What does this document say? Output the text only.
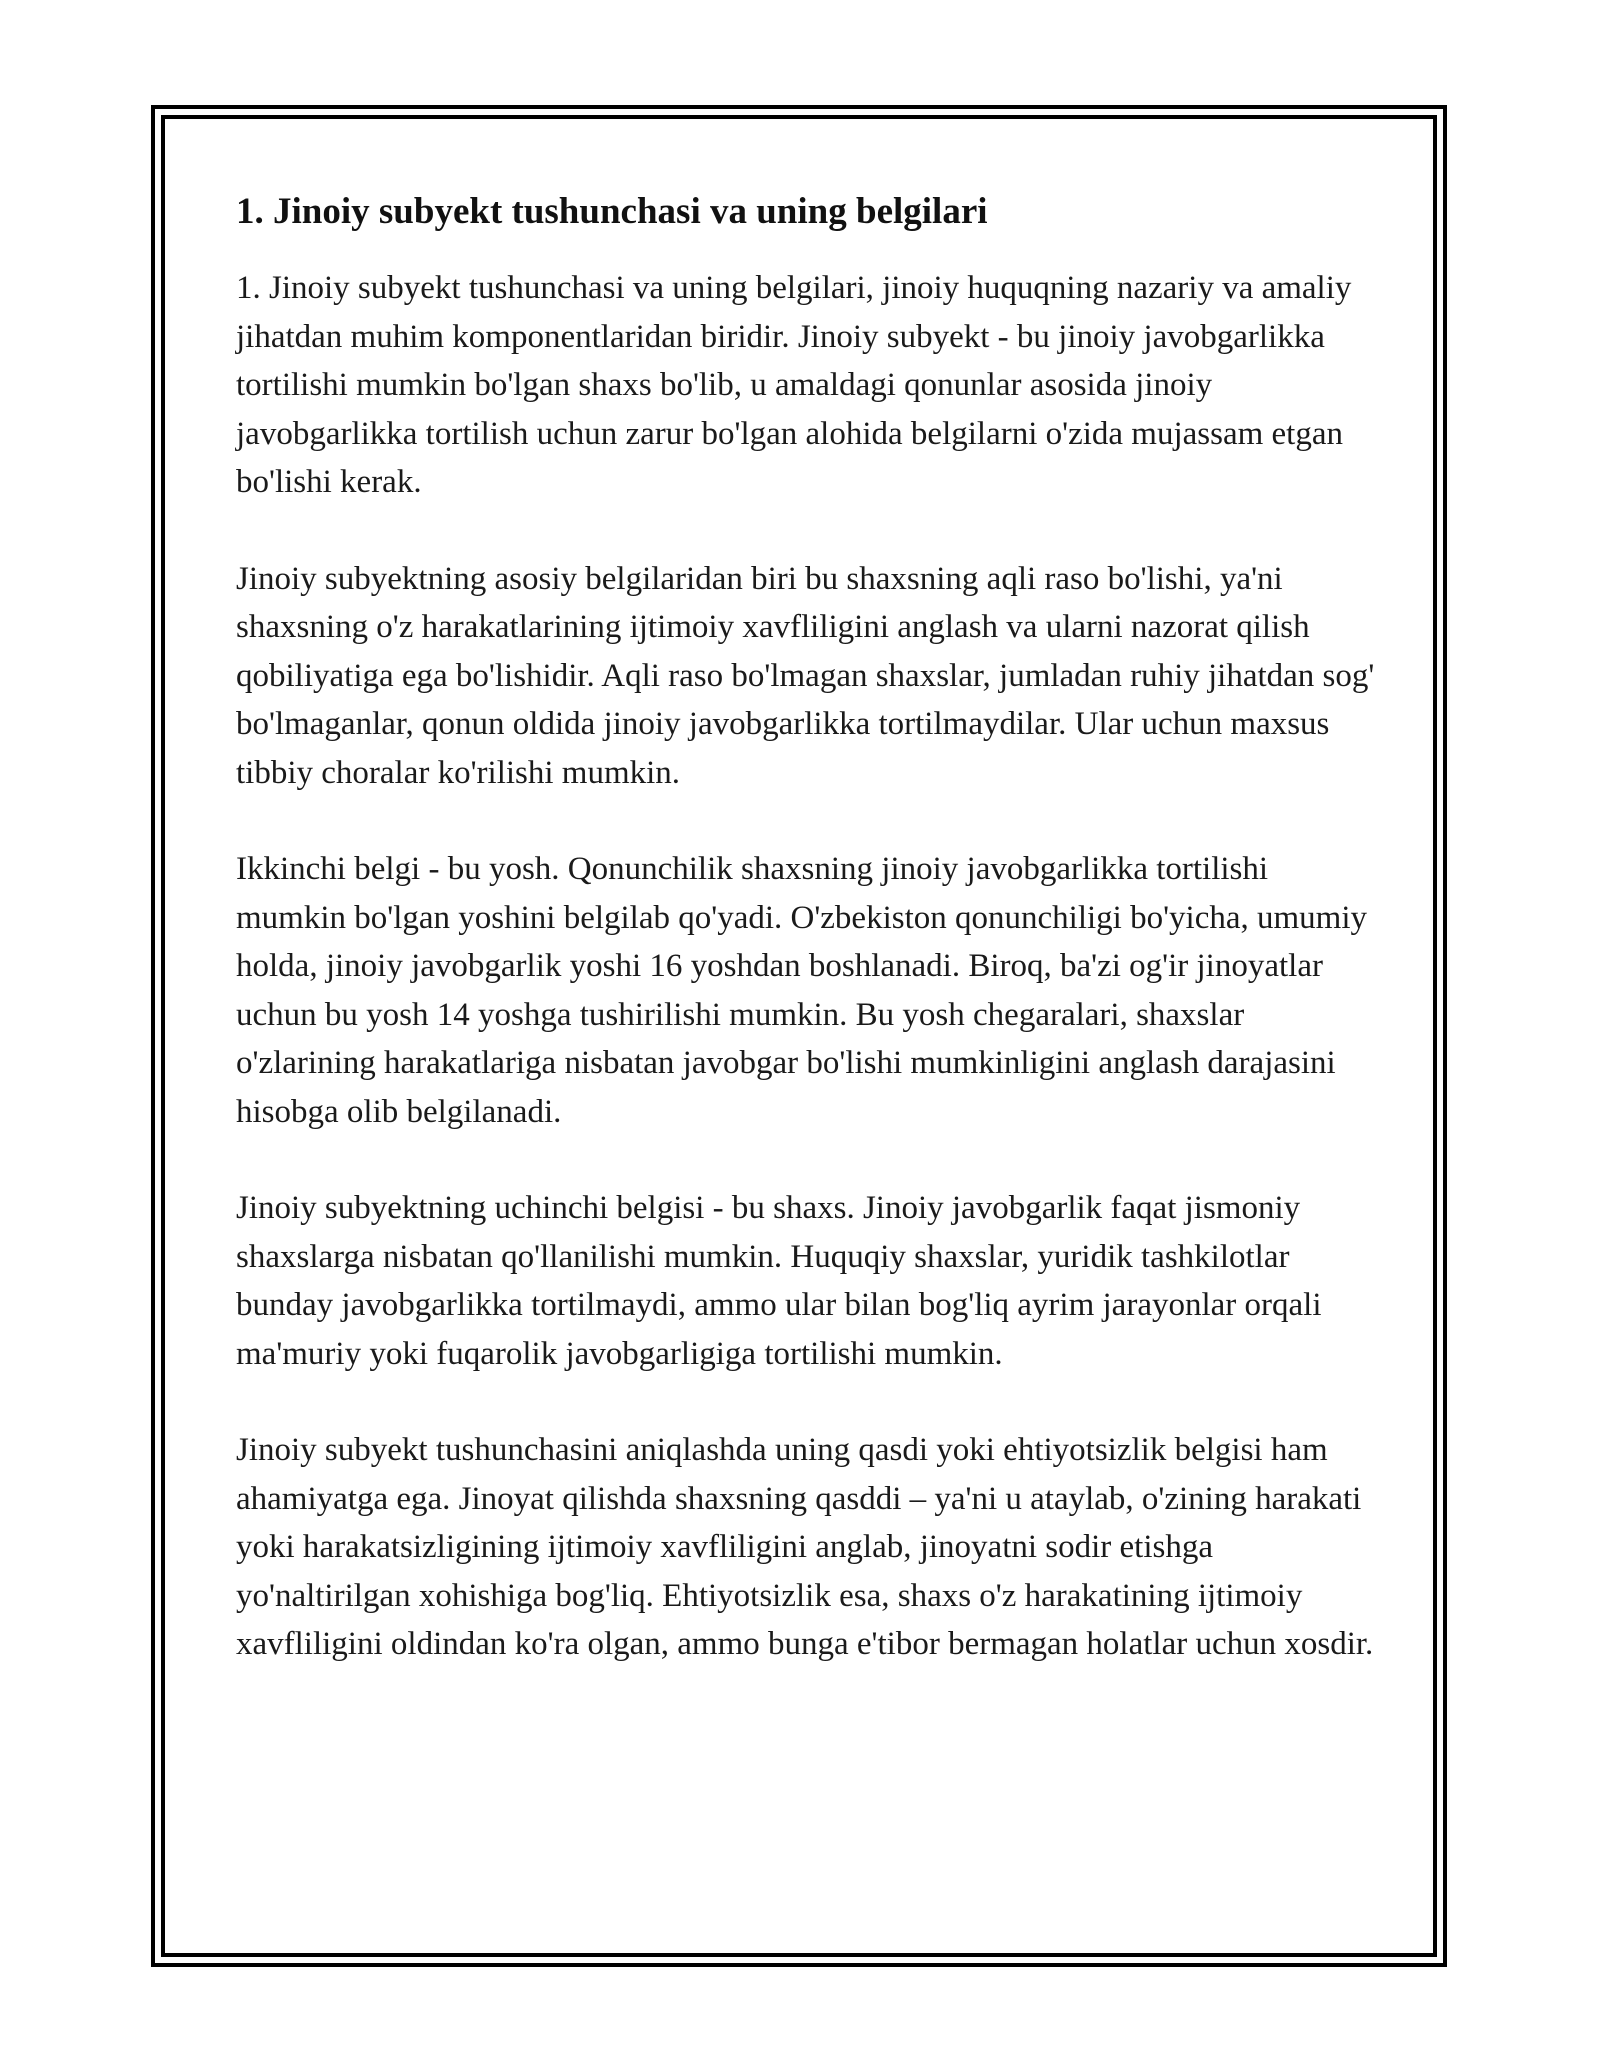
1. Jinoiy subyekt tushunchasi va uning belgilari

1. Jinoiy subyekt tushunchasi va uning belgilari, jinoiy huquqning nazariy va amaliy jihatdan muhim komponentlaridan biridir. Jinoiy subyekt - bu jinoiy javobgarlikka tortilishi mumkin bo'lgan shaxs bo'lib, u amaldagi qonunlar asosida jinoiy javobgarlikka tortilish uchun zarur bo'lgan alohida belgilarni o'zida mujassam etgan bo'lishi kerak.

Jinoiy subyektning asosiy belgilaridan biri bu shaxsning aqli raso bo'lishi, ya'ni shaxsning o'z harakatlarining ijtimoiy xavfliligini anglash va ularni nazorat qilish qobiliyatiga ega bo'lishidir. Aqli raso bo'lmagan shaxslar, jumladan ruhiy jihatdan sog' bo'lmaganlar, qonun oldida jinoiy javobgarlikka tortilmaydilar. Ular uchun maxsus tibbiy choralar ko'rilishi mumkin.

Ikkinchi belgi - bu yosh. Qonunchilik shaxsning jinoiy javobgarlikka tortilishi mumkin bo'lgan yoshini belgilab qo'yadi. O'zbekiston qonunchiligi bo'yicha, umumiy holda, jinoiy javobgarlik yoshi 16 yoshdan boshlanadi. Biroq, ba'zi og'ir jinoyatlar uchun bu yosh 14 yoshga tushirilishi mumkin. Bu yosh chegaralari, shaxslar o'zlarining harakatlariga nisbatan javobgar bo'lishi mumkinligini anglash darajasini hisobga olib belgilanadi.

Jinoiy subyektning uchinchi belgisi - bu shaxs. Jinoiy javobgarlik faqat jismoniy shaxslarga nisbatan qo'llanilishi mumkin. Huquqiy shaxslar, yuridik tashkilotlar bunday javobgarlikka tortilmaydi, ammo ular bilan bog'liq ayrim jarayonlar orqali ma'muriy yoki fuqarolik javobgarligiga tortilishi mumkin.

Jinoiy subyekt tushunchasini aniqlashda uning qasdi yoki ehtiyotsizlik belgisi ham ahamiyatga ega. Jinoyat qilishda shaxsning qasddi – ya'ni u ataylab, o'zining harakati yoki harakatsizligining ijtimoiy xavfliligini anglab, jinoyatni sodir etishga yo'naltirilgan xohishiga bog'liq. Ehtiyotsizlik esa, shaxs o'z harakatining ijtimoiy xavfliligini oldindan ko'ra olgan, ammo bunga e'tibor bermagan holatlar uchun xosdir.
